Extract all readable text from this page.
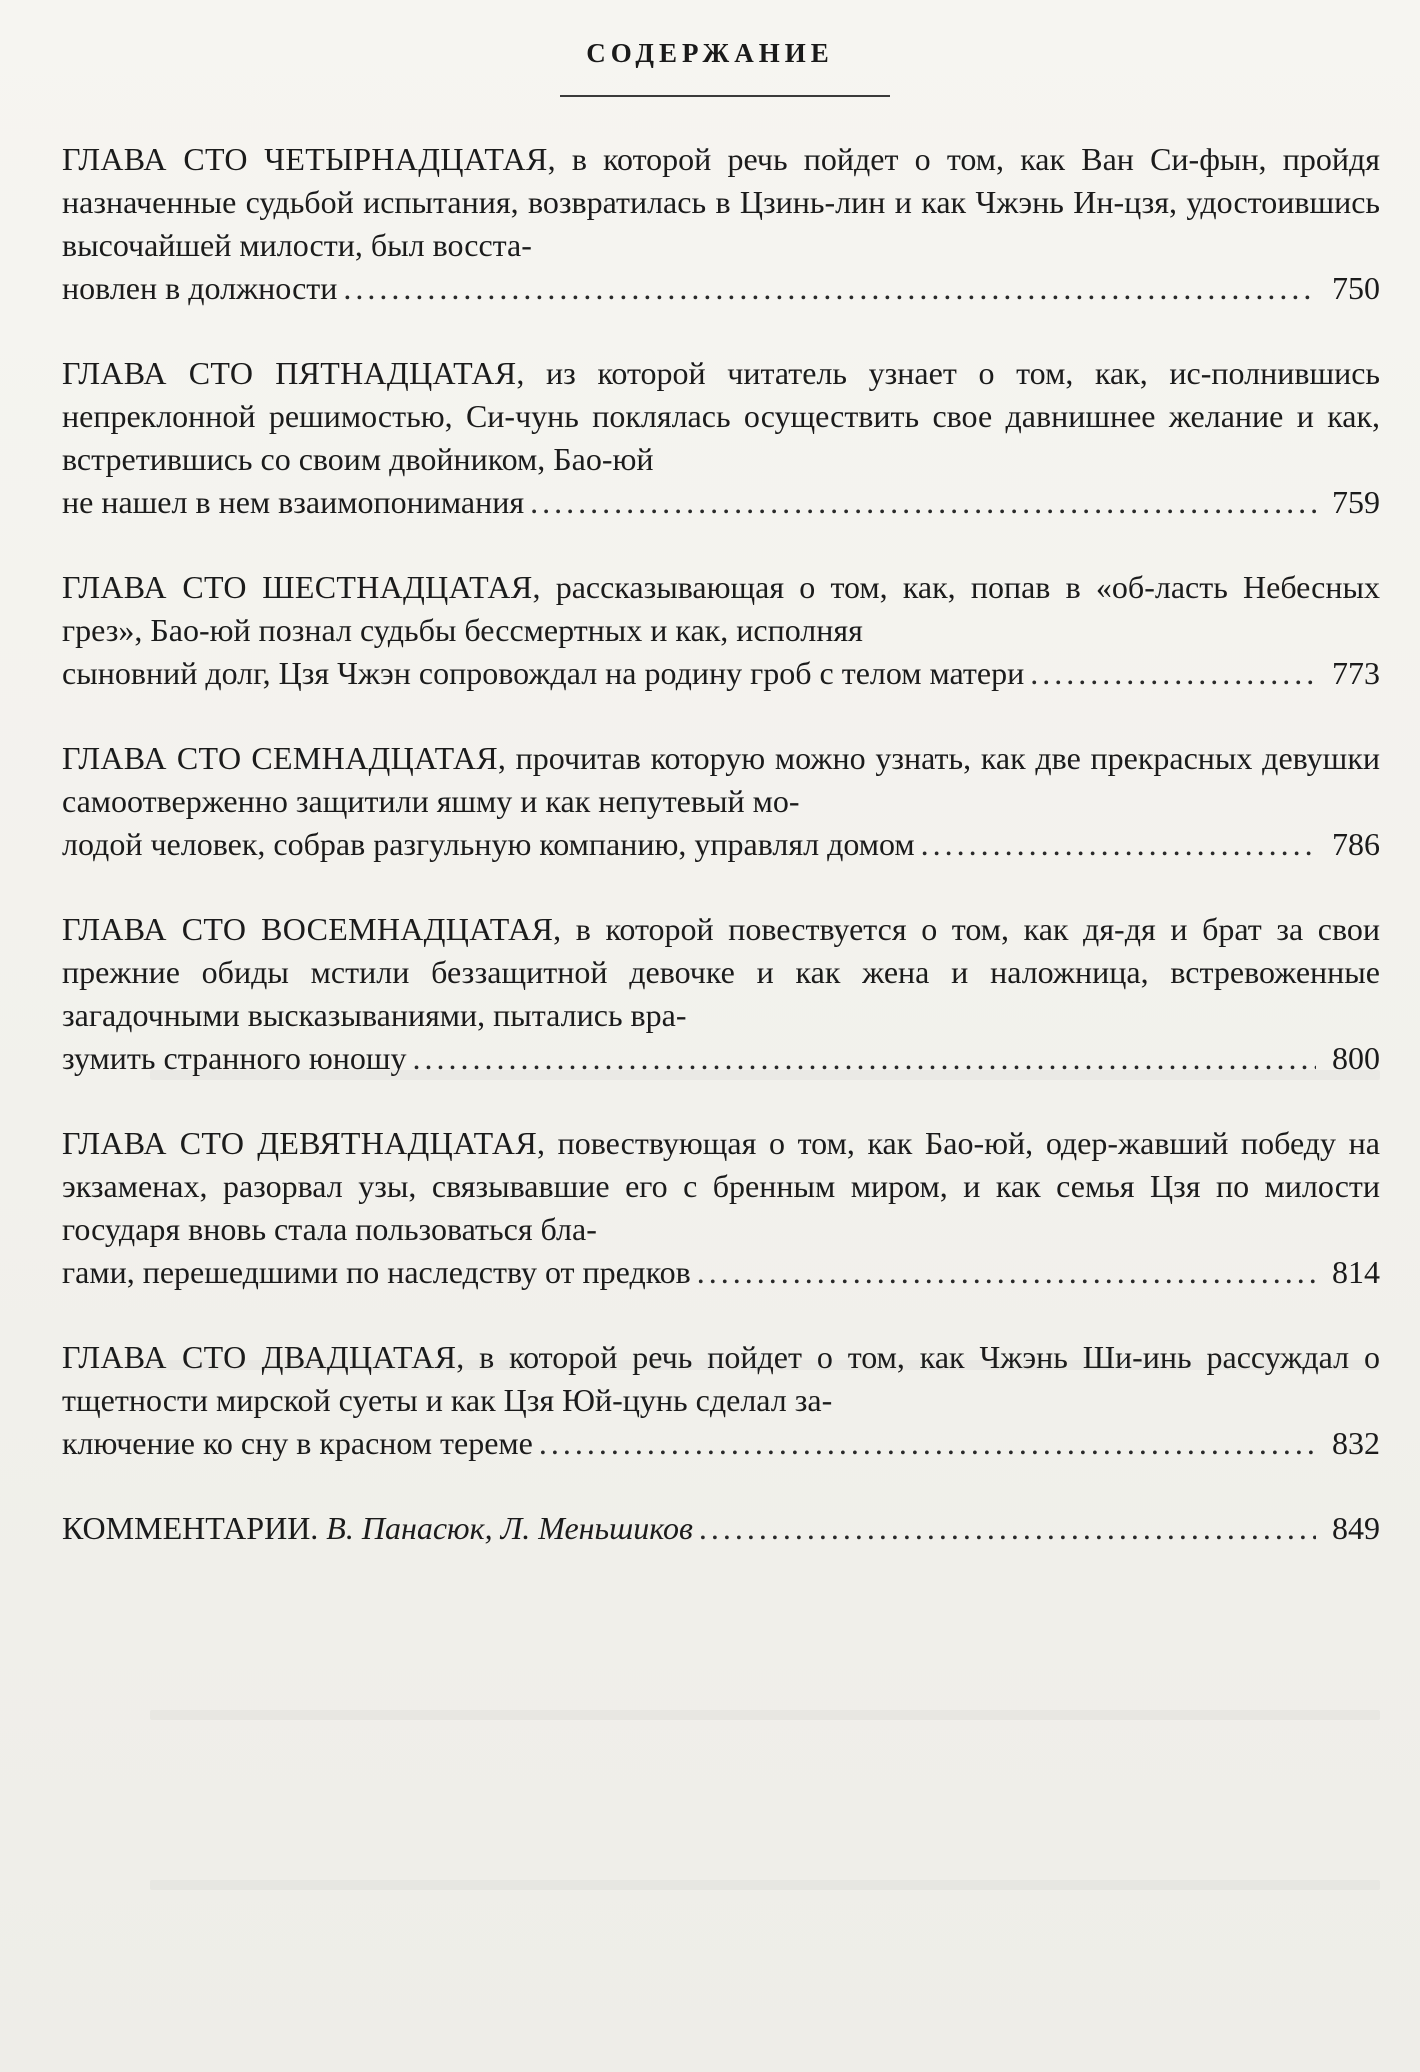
СОДЕРЖАНИЕ
ГЛАВА СТО ЧЕТЫРНАДЦАТАЯ, в которой речь пойдет о том, как Ван Си-фын, пройдя назначенные судьбой испытания, возвратилась в Цзинь-лин и как Чжэнь Ин-цзя, удостоившись высочайшей милости, был восста-
новлен в должности . . .	750
ГЛАВА СТО ПЯТНАДЦАТАЯ, из которой читатель узнает о том, как, ис-полнившись непреклонной решимостью, Си-чунь поклялась осуществить свое давнишнее желание и как, встретившись со своим двойником, Бао-юй
не нашел в нем взаимопонимания . . .	759
ГЛАВА СТО ШЕСТНАДЦАТАЯ, рассказывающая о том, как, попав в «об-ласть Небесных грез», Бао-юй познал судьбы бессмертных и как, исполняя
сыновний долг, Цзя Чжэн сопровождал на родину гроб с телом матери . . .	773
ГЛАВА СТО СЕМНАДЦАТАЯ, прочитав которую можно узнать, как две прекрасных девушки самоотверженно защитили яшму и как непутевый мо-
лодой человек, собрав разгульную компанию, управлял домом . . .	786
ГЛАВА СТО ВОСЕМНАДЦАТАЯ, в которой повествуется о том, как дя-дя и брат за свои прежние обиды мстили беззащитной девочке и как жена и наложница, встревоженные загадочными высказываниями, пытались вра-
зумить странного юношу . . .	800
ГЛАВА СТО ДЕВЯТНАДЦАТАЯ, повествующая о том, как Бао-юй, одер-жавший победу на экзаменах, разорвал узы, связывавшие его с бренным миром, и как семья Цзя по милости государя вновь стала пользоваться бла-
гами, перешедшими по наследству от предков . . .	814
ГЛАВА СТО ДВАДЦАТАЯ, в которой речь пойдет о том, как Чжэнь Ши-инь рассуждал о тщетности мирской суеты и как Цзя Юй-цунь сделал за-
ключение ко сну в красном тереме . . .	832
КОММЕНТАРИИ.
В. Панасюк, Л. Меньшиков . . .	849
